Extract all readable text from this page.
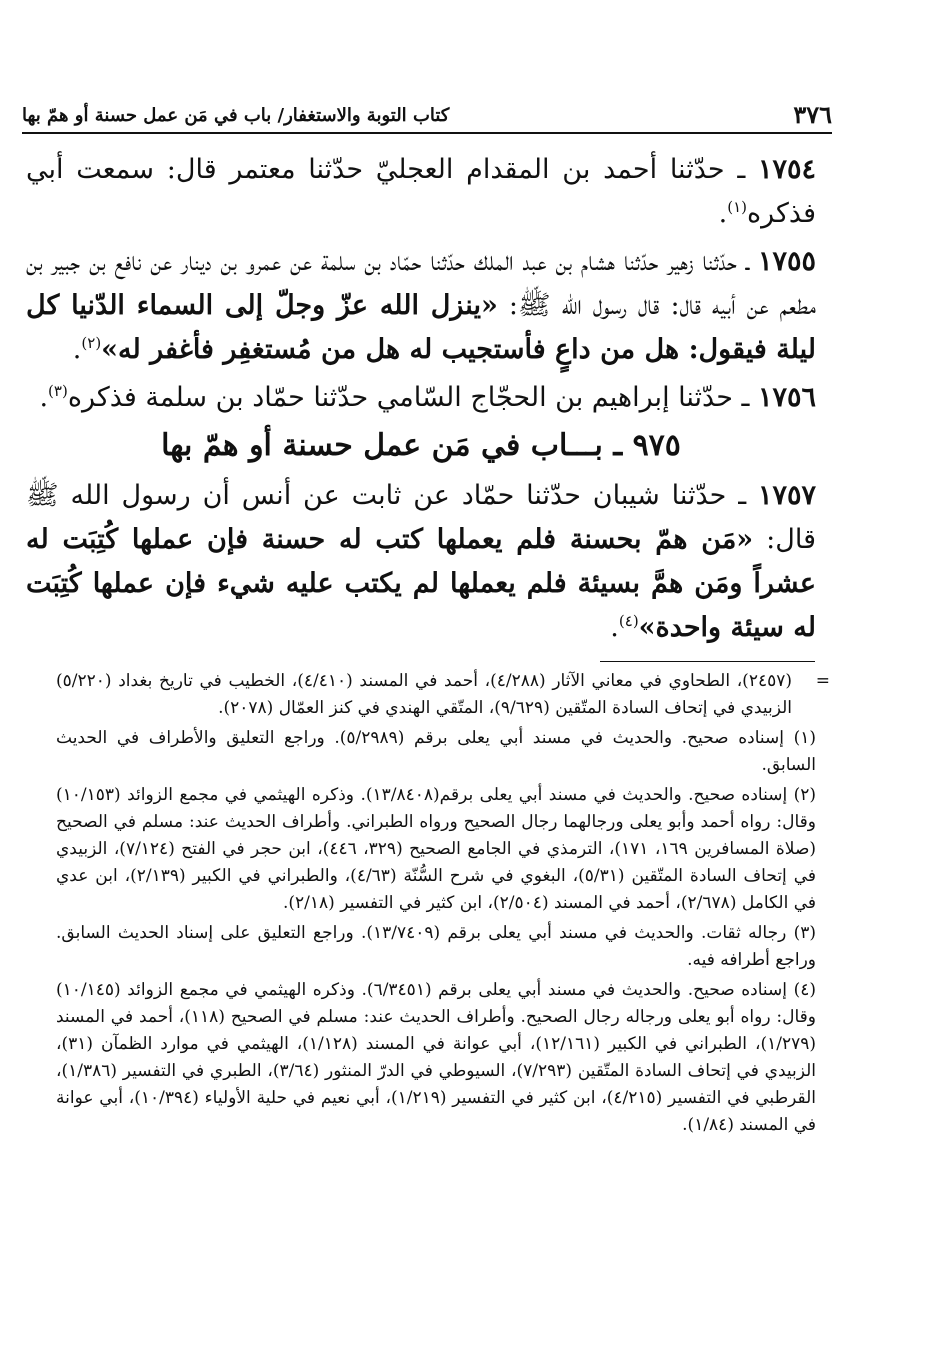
٣٧٦
كتاب التوبة والاستغفار/ باب في مَن عمل حسنة أو همّ بها

١٧٥٤ ـ حدّثنا أحمد بن المقدام العجليّ حدّثنا معتمر قال: سمعت أبي فذكره$^{(١)}$.

١٧٥٥ ـ حدّثنا زهير حدّثنا هشام بن عبد الملك حدّثنا حمّاد بن سلمة عن عمرو بن دينار عن نافع بن جبير بن مطعم عن أبيه قال: قال رسول الله ﷺ: «ينزل الله عزّ وجلّ إلى السماء الدّنيا كل ليلة فيقول: هل من داعٍ فأستجيب له هل من مُستغفِر فأغفر له»$^{(٢)}$.

١٧٥٦ ـ حدّثنا إبراهيم بن الحجّاج السّامي حدّثنا حمّاد بن سلمة فذكره$^{(٣)}$.

٩٧٥ ـ بـــاب في مَن عمل حسنة أو همّ بها

١٧٥٧ ـ حدّثنا شيبان حدّثنا حمّاد عن ثابت عن أنس أن رسول الله ﷺ قال: «مَن همّ بحسنة فلم يعملها كتب له حسنة فإن عملها كُتِبَت له عشراً ومَن همَّ بسيئة فلم يعملها لم يكتب عليه شيء فإن عملها كُتِبَت له سيئة واحدة»$^{(٤)}$.

=
(٢٤٥٧)، الطحاوي في معاني الآثار (٤/٢٨٨)، أحمد في المسند (٤/٤١٠)، الخطيب في تاريخ بغداد (٥/٢٢٠) الزبيدي في إتحاف السادة المتّقين (٩/٦٢٩)، المتّقي الهندي في كنز العمّال (٢٠٧٨).

(١) إسناده صحيح. والحديث في مسند أبي يعلى برقم (٥/٢٩٨٩). وراجع التعليق والأطراف في الحديث السابق.

(٢) إسناده صحيح. والحديث في مسند أبي يعلى برقم(١٣/٨٤٠٨). وذكره الهيثمي في مجمع الزوائد (١٠/١٥٣) وقال: رواه أحمد وأبو يعلى ورجالهما رجال الصحيح ورواه الطبراني. وأطراف الحديث عند: مسلم في الصحيح (صلاة المسافرين ١٦٩، ١٧١)، الترمذي في الجامع الصحيح (٣٢٩، ٤٤٦)، ابن حجر في الفتح (٧/١٢٤)، الزبيدي في إتحاف السادة المتّقين (٥/٣١)، البغوي في شرح السُّنّة (٤/٦٣)، والطبراني في الكبير (٢/١٣٩)، ابن عدي في الكامل (٢/٦٧٨)، أحمد في المسند (٢/٥٠٤)، ابن كثير في التفسير (٢/١٨).

(٣) رجاله ثقات. والحديث في مسند أبي يعلى برقم (١٣/٧٤٠٩). وراجع التعليق على إسناد الحديث السابق. وراجع أطرافه فيه.

(٤) إسناده صحيح. والحديث في مسند أبي يعلى برقم (٦/٣٤٥١). وذكره الهيثمي في مجمع الزوائد (١٠/١٤٥) وقال: رواه أبو يعلى ورجاله رجال الصحيح. وأطراف الحديث عند: مسلم في الصحيح (١١٨)، أحمد في المسند (١/٢٧٩)، الطبراني في الكبير (١٢/١٦١)، أبي عوانة في المسند (١/١٢٨)، الهيثمي في موارد الظمآن (٣١)، الزبيدي في إتحاف السادة المتّقين (٧/٢٩٣)، السيوطي في الدرّ المنثور (٣/٦٤)، الطبري في التفسير (١/٣٨٦)، القرطبي في التفسير (٤/٢١٥)، ابن كثير في التفسير (١/٢١٩)، أبي نعيم في حلية الأولياء (١٠/٣٩٤)، أبي عوانة في المسند (١/٨٤).
